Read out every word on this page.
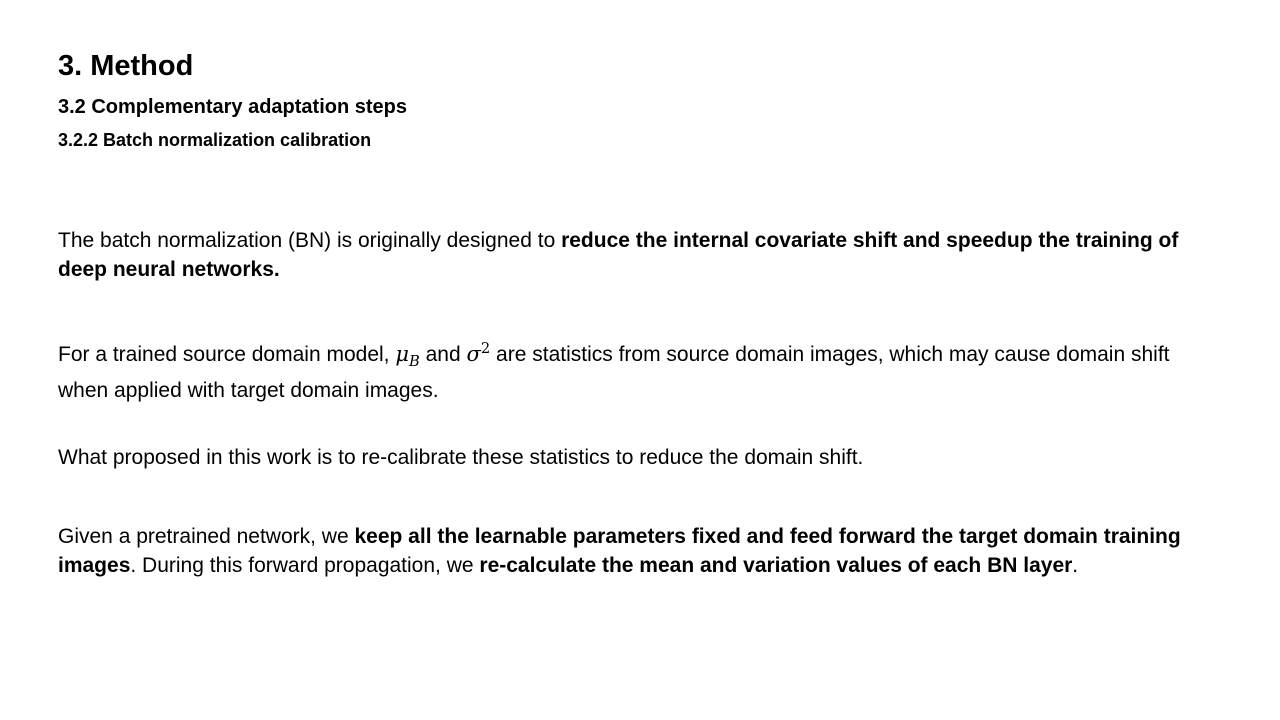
3. Method
3.2 Complementary adaptation steps
3.2.2 Batch normalization calibration

The batch normalization (BN) is originally designed to reduce the internal covariate shift and speedup the training of deep neural networks.

For a trained source domain model, $\mu_B$ and $\sigma^2$ are statistics from source domain images, which may cause domain shift when applied with target domain images.

What proposed in this work is to re-calibrate these statistics to reduce the domain shift.

Given a pretrained network, we keep all the learnable parameters fixed and feed forward the target domain training images. During this forward propagation, we re-calculate the mean and variation values of each BN layer.
